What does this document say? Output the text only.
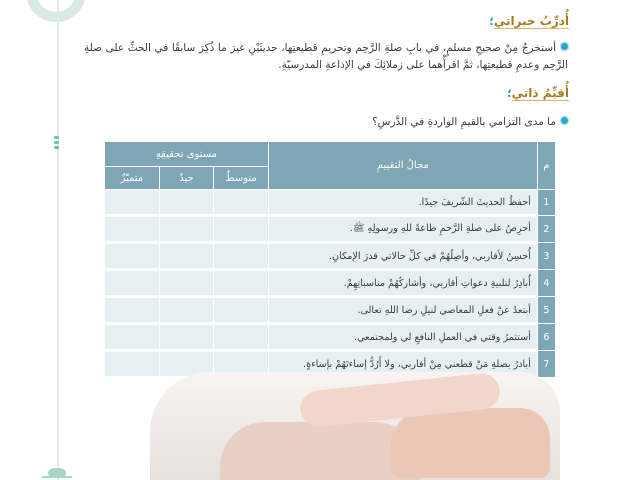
أُدرِّبُ خبراتي؛
أستخرجُ مِنْ صحيحِ مسلمٍ، في بابِ صلةِ الرَّحِم وتحريمِ قطيعتِها، حديثَيْنِ غيرَ ما ذُكِرَ سابقًا في الحثِّ على صلةِ الرَّحِم وعدمِ قطيعتِها، ثمَّ اقرأْهما على زملائِكَ في الإذاعةِ المدرسيّةِ.
أُقيِّمُ ذاتي؛
ما مدى التزامي بالقيمِ الواردةِ في الدَّرسِ؟
م	مجالُ التقييمِ	مستوى تحقيقِهِ		
		متوسطٌ	جيدٌ	متميّزٌ
1	أحفظُ الحديثَ الشّريفَ جيدًا.			
2	أحرِصُ على صلةِ الرَّحمِ طاعةً للهِ ورسولِهِ ﷺ.			
3	أُحسِنُ لأقاربي، وأصِلُهُمْ في كلِّ حالاتي قدرَ الإمكانِ.			
4	أُبادِرُ لتلبيةِ دعواتِ أقاربي، وأشاركُهُمْ مناسباتِهِمْ.			
5	أبتعدُ عنْ فعلِ المعاصي لنيلِ رضا اللهِ تعالى.			
6	أستثمرُ وقتي في العملِ النافعِ لي ولمجتمعي.			
7	أبادرُ بصلةِ مَنْ قطعني مِنْ أقاربي، ولا أَرُدُّ إساءتَهُمْ بإساءةٍ.			
